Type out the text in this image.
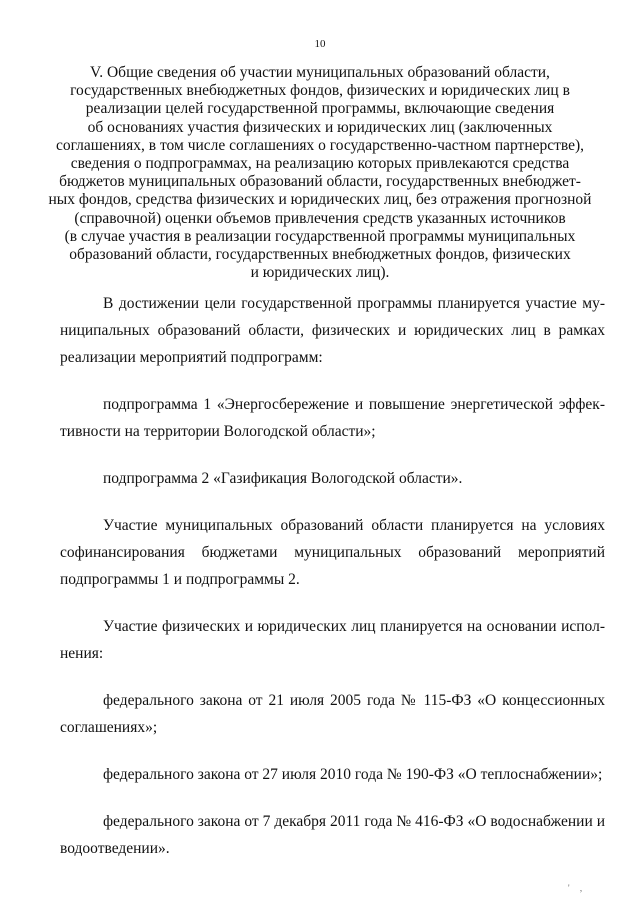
10
V. Общие сведения об участии муниципальных образований области,
государственных внебюджетных фондов, физических и юридических лиц в
реализации целей государственной программы, включающие сведения
об основаниях участия физических и юридических лиц (заключенных
соглашениях, в том числе соглашениях о государственно-частном партнерстве),
сведения о подпрограммах, на реализацию которых привлекаются средства
бюджетов муниципальных образований области, государственных внебюджет-
ных фондов, средства физических и юридических лиц, без отражения прогнозной
(справочной) оценки объемов привлечения средств указанных источников
(в случае участия в реализации государственной программы муниципальных
образований области, государственных внебюджетных фондов, физических
и юридических лиц).

В достижении цели государственной программы планируется участие му-
ниципальных образований области, физических и юридических лиц в рамках
реализации мероприятий подпрограмм:

подпрограмма 1 «Энергосбережение и повышение энергетической эффек-
тивности на территории Вологодской области»;

подпрограмма 2 «Газификация Вологодской области».

Участие муниципальных образований области планируется на условиях
софинансирования бюджетами муниципальных образований мероприятий
подпрограммы 1 и подпрограммы 2.

Участие физических и юридических лиц планируется на основании испол-
нения:

федерального закона от 21 июля 2005 года № 115-ФЗ «О концессионных
соглашениях»;

федерального закона от 27 июля 2010 года № 190-ФЗ «О теплоснабжении»;

федерального закона от 7 декабря 2011 года № 416-ФЗ «О водоснабжении и
водоотведении».

' ,
